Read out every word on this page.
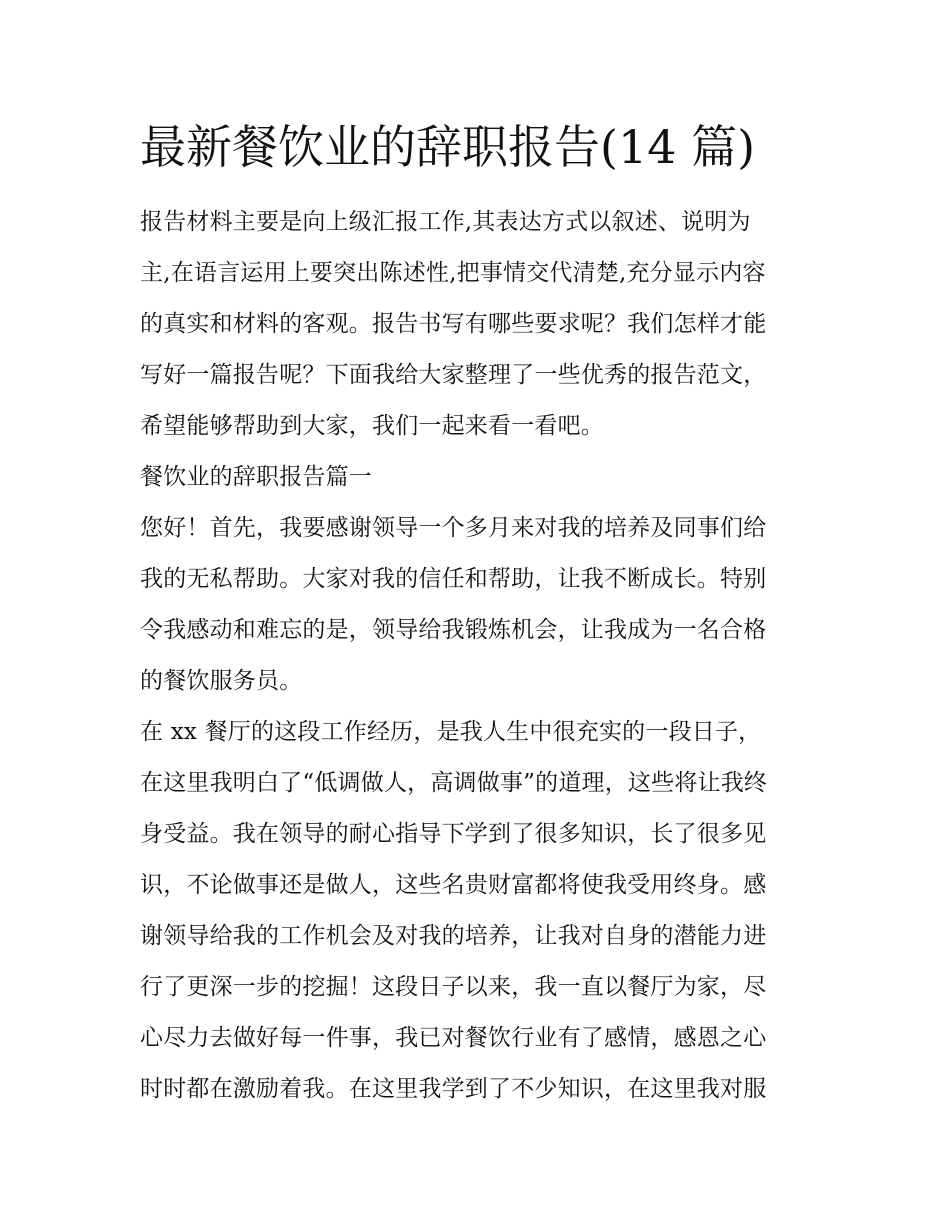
最新餐饮业的辞职报告(14 篇)
报告材料主要是向上级汇报工作,其表达方式以叙述、说明为
主,在语言运用上要突出陈述性,把事情交代清楚,充分显示内容
的真实和材料的客观。报告书写有哪些要求呢？我们怎样才能
写好一篇报告呢？下面我给大家整理了一些优秀的报告范文，
希望能够帮助到大家，我们一起来看一看吧。
餐饮业的辞职报告篇一
您好！首先，我要感谢领导一个多月来对我的培养及同事们给
我的无私帮助。大家对我的信任和帮助，让我不断成长。特别
令我感动和难忘的是，领导给我锻炼机会，让我成为一名合格
的餐饮服务员。
在 xx 餐厅的这段工作经历，是我人生中很充实的一段日子，
在这里我明白了“低调做人，高调做事”的道理，这些将让我终
身受益。我在领导的耐心指导下学到了很多知识，长了很多见
识，不论做事还是做人，这些名贵财富都将使我受用终身。感
谢领导给我的工作机会及对我的培养，让我对自身的潜能力进
行了更深一步的挖掘！这段日子以来，我一直以餐厅为家，尽
心尽力去做好每一件事，我已对餐饮行业有了感情，感恩之心
时时都在激励着我。在这里我学到了不少知识，在这里我对服
